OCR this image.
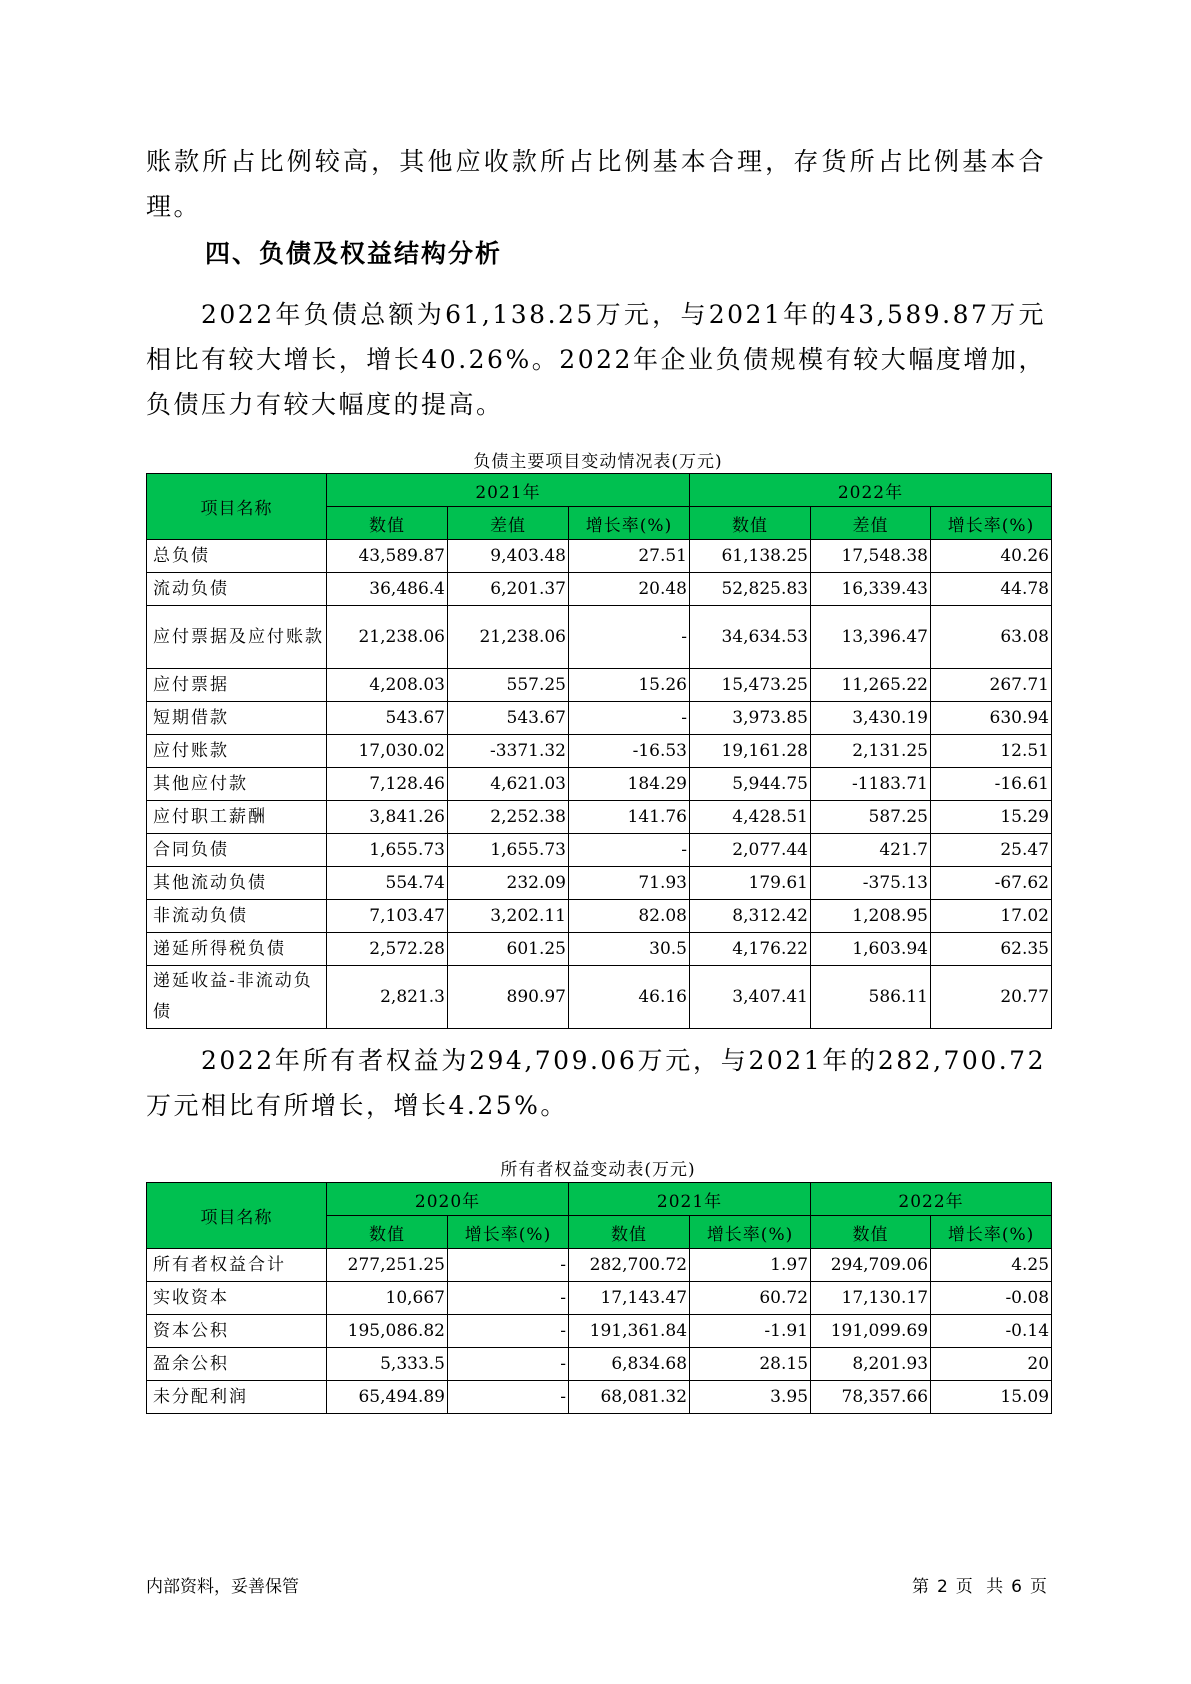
账款所占比例较高，其他应收款所占比例基本合理，存货所占比例基本合理。

四、负债及权益结构分析

2022年负债总额为61,138.25万元，与2021年的43,589.87万元相比有较大增长，增长40.26%。2022年企业负债规模有较大幅度增加，负债压力有较大幅度的提高。

负债主要项目变动情况表(万元)
项目名称	2021年			2022年		
	数值	差值	增长率(%)	数值	差值	增长率(%)
总负债	43,589.87	9,403.48	27.51	61,138.25	17,548.38	40.26
流动负债	36,486.4	6,201.37	20.48	52,825.83	16,339.43	44.78
应付票据及应付账款	21,238.06	21,238.06	-	34,634.53	13,396.47	63.08
应付票据	4,208.03	557.25	15.26	15,473.25	11,265.22	267.71
短期借款	543.67	543.67	-	3,973.85	3,430.19	630.94
应付账款	17,030.02	-3371.32	-16.53	19,161.28	2,131.25	12.51
其他应付款	7,128.46	4,621.03	184.29	5,944.75	-1183.71	-16.61
应付职工薪酬	3,841.26	2,252.38	141.76	4,428.51	587.25	15.29
合同负债	1,655.73	1,655.73	-	2,077.44	421.7	25.47
其他流动负债	554.74	232.09	71.93	179.61	-375.13	-67.62
非流动负债	7,103.47	3,202.11	82.08	8,312.42	1,208.95	17.02
递延所得税负债	2,572.28	601.25	30.5	4,176.22	1,603.94	62.35
递延收益-非流动负债	2,821.3	890.97	46.16	3,407.41	586.11	20.77

2022年所有者权益为294,709.06万元，与2021年的282,700.72万元相比有所增长，增长4.25%。

所有者权益变动表(万元)
项目名称	2020年		2021年		2022年	
	数值	增长率(%)	数值	增长率(%)	数值	增长率(%)
所有者权益合计	277,251.25	-	282,700.72	1.97	294,709.06	4.25
实收资本	10,667	-	17,143.47	60.72	17,130.17	-0.08
资本公积	195,086.82	-	191,361.84	-1.91	191,099.69	-0.14
盈余公积	5,333.5	-	6,834.68	28.15	8,201.93	20
未分配利润	65,494.89	-	68,081.32	3.95	78,357.66	15.09
内部资料，妥善保管	第 2 页 共 6 页
